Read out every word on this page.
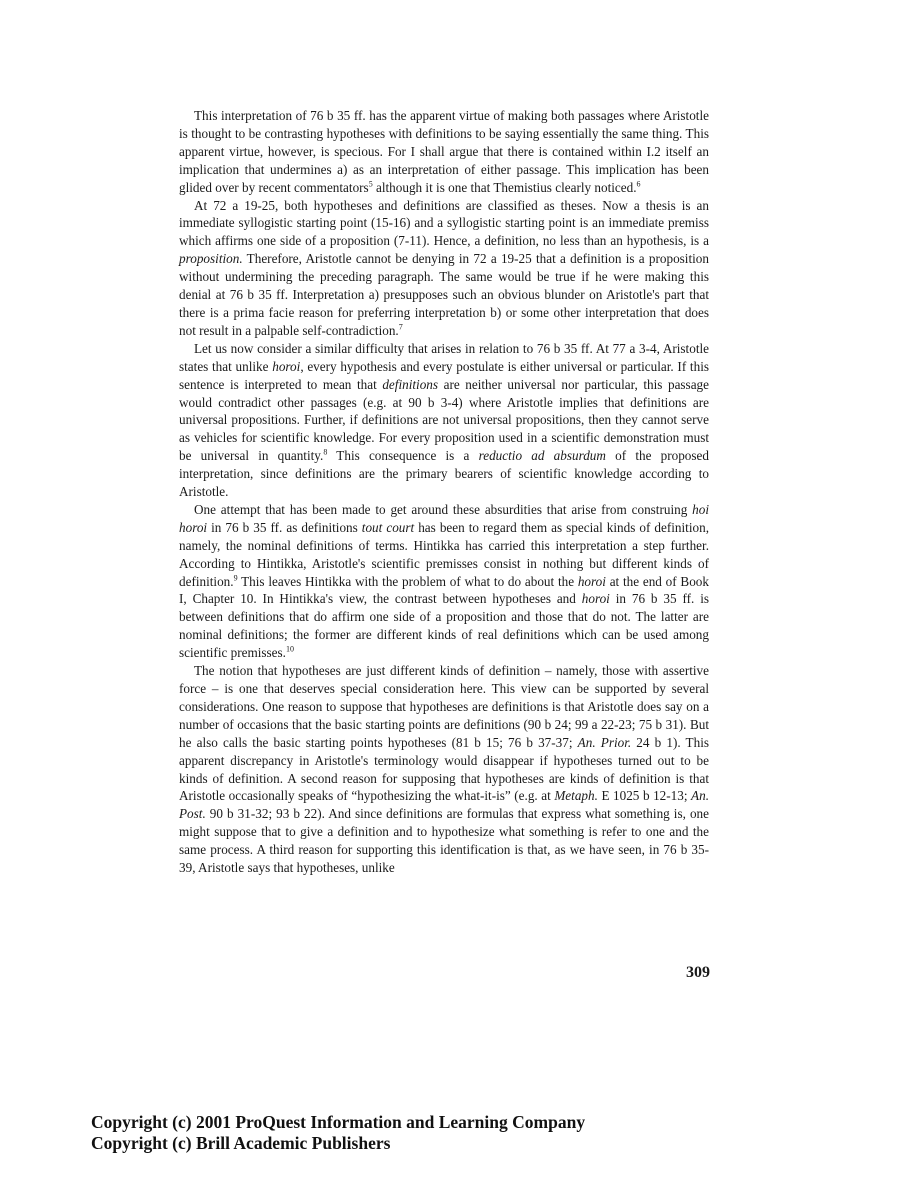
This interpretation of 76 b 35 ff. has the apparent virtue of making both passages where Aristotle is thought to be contrasting hypotheses with definitions to be saying essentially the same thing. This apparent virtue, however, is specious. For I shall argue that there is contained within I.2 itself an implication that undermines a) as an interpretation of either passage. This implication has been glided over by recent commentators$^5$ although it is one that Themistius clearly noticed.$^6$

At 72 a 19-25, both hypotheses and definitions are classified as theses. Now a thesis is an immediate syllogistic starting point (15-16) and a syllogistic starting point is an immediate premiss which affirms one side of a proposition (7-11). Hence, a definition, no less than an hypothesis, is a proposition. Therefore, Aristotle cannot be denying in 72 a 19-25 that a definition is a proposition without undermining the preceding paragraph. The same would be true if he were making this denial at 76 b 35 ff. Interpretation a) presupposes such an obvious blunder on Aristotle's part that there is a prima facie reason for preferring interpretation b) or some other interpretation that does not result in a palpable self-contradiction.$^7$

Let us now consider a similar difficulty that arises in relation to 76 b 35 ff. At 77 a 3-4, Aristotle states that unlike horoi, every hypothesis and every postulate is either universal or particular. If this sentence is interpreted to mean that definitions are neither universal nor particular, this passage would contradict other passages (e.g. at 90 b 3-4) where Aristotle implies that definitions are universal propositions. Further, if definitions are not universal propositions, then they cannot serve as vehicles for scientific knowledge. For every proposition used in a scientific demonstration must be universal in quantity.$^8$ This consequence is a reductio ad absurdum of the proposed interpretation, since definitions are the primary bearers of scientific knowledge according to Aristotle.

One attempt that has been made to get around these absurdities that arise from construing hoi horoi in 76 b 35 ff. as definitions tout court has been to regard them as special kinds of definition, namely, the nominal definitions of terms. Hintikka has carried this interpretation a step further. According to Hintikka, Aristotle's scientific premisses consist in nothing but different kinds of definition.$^9$ This leaves Hintikka with the problem of what to do about the horoi at the end of Book I, Chapter 10. In Hintikka's view, the contrast between hypotheses and horoi in 76 b 35 ff. is between definitions that do affirm one side of a proposition and those that do not. The latter are nominal definitions; the former are different kinds of real definitions which can be used among scientific premisses.$^{10}$

The notion that hypotheses are just different kinds of definition – namely, those with assertive force – is one that deserves special consideration here. This view can be supported by several considerations. One reason to suppose that hypotheses are definitions is that Aristotle does say on a number of occasions that the basic starting points are definitions (90 b 24; 99 a 22-23; 75 b 31). But he also calls the basic starting points hypotheses (81 b 15; 76 b 37-37; An. Prior. 24 b 1). This apparent discrepancy in Aristotle's terminology would disappear if hypotheses turned out to be kinds of definition. A second reason for supposing that hypotheses are kinds of definition is that Aristotle occasionally speaks of “hypothesizing the what-it-is” (e.g. at Metaph. E 1025 b 12-13; An. Post. 90 b 31-32; 93 b 22). And since definitions are formulas that express what something is, one might suppose that to give a definition and to hypothesize what something is refer to one and the same process. A third reason for supporting this identification is that, as we have seen, in 76 b 35-39, Aristotle says that hypotheses, unlike

309
Copyright (c) 2001 ProQuest Information and Learning Company
Copyright (c) Brill Academic Publishers
